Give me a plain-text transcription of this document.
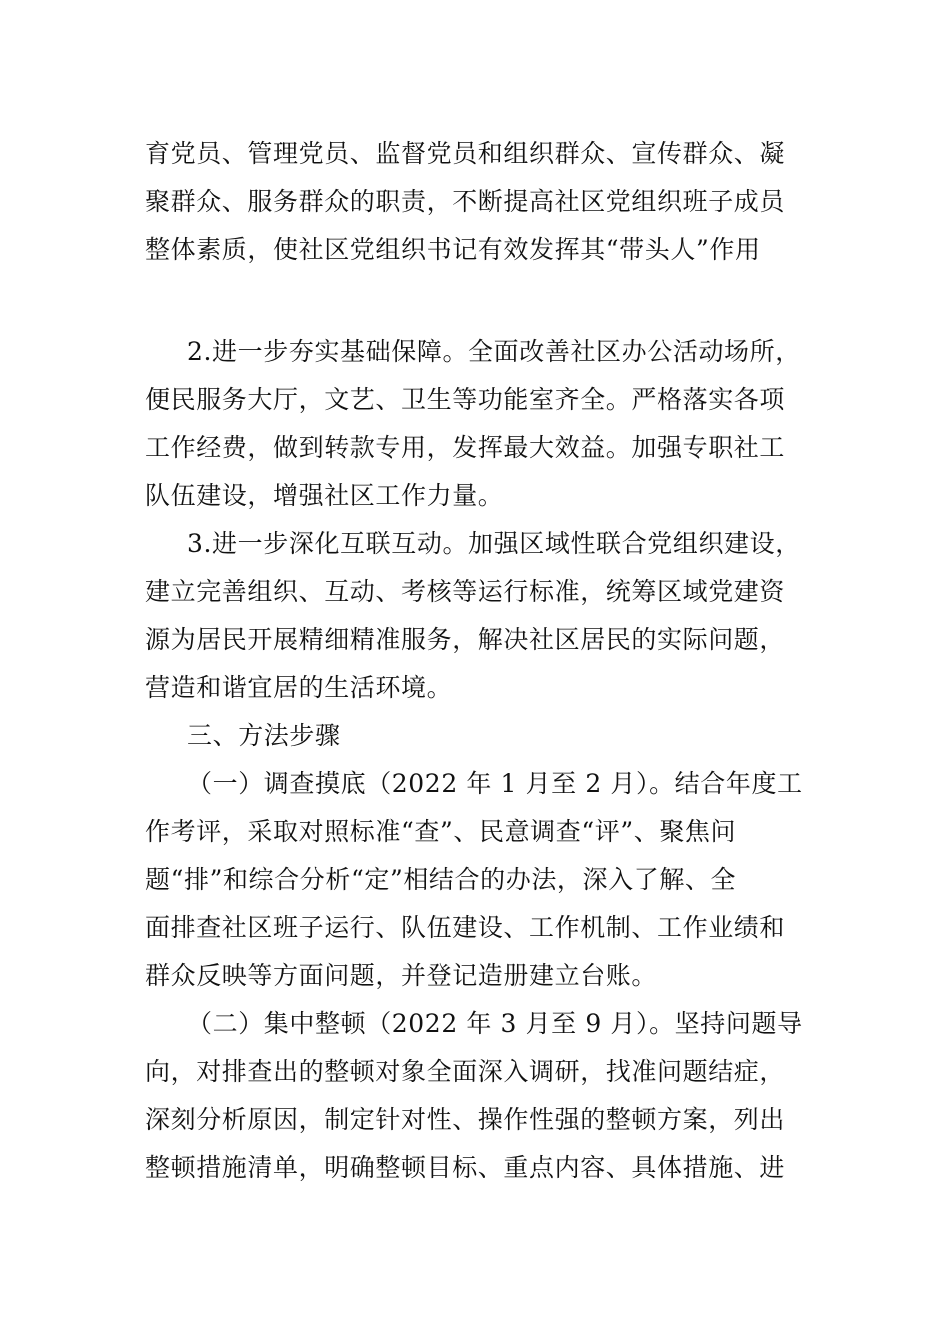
育党员、管理党员、监督党员和组织群众、宣传群众、凝
聚群众、服务群众的职责，不断提高社区党组织班子成员
整体素质，使社区党组织书记有效发挥其“带头人”作用
2.进一步夯实基础保障。全面改善社区办公活动场所，
便民服务大厅，文艺、卫生等功能室齐全。严格落实各项
工作经费，做到转款专用，发挥最大效益。加强专职社工
队伍建设，增强社区工作力量。
3.进一步深化互联互动。加强区域性联合党组织建设，
建立完善组织、互动、考核等运行标准，统筹区域党建资
源为居民开展精细精准服务，解决社区居民的实际问题，
营造和谐宜居的生活环境。
三、方法步骤
（一）调查摸底（2022 年 1 月至 2 月）。结合年度工
作考评，采取对照标准“查”、民意调查“评”、聚焦问
题“排”和综合分析“定”相结合的办法，深入了解、全
面排查社区班子运行、队伍建设、工作机制、工作业绩和
群众反映等方面问题，并登记造册建立台账。
（二）集中整顿（2022 年 3 月至 9 月）。坚持问题导
向，对排查出的整顿对象全面深入调研，找准问题结症，
深刻分析原因，制定针对性、操作性强的整顿方案，列出
整顿措施清单，明确整顿目标、重点内容、具体措施、进
